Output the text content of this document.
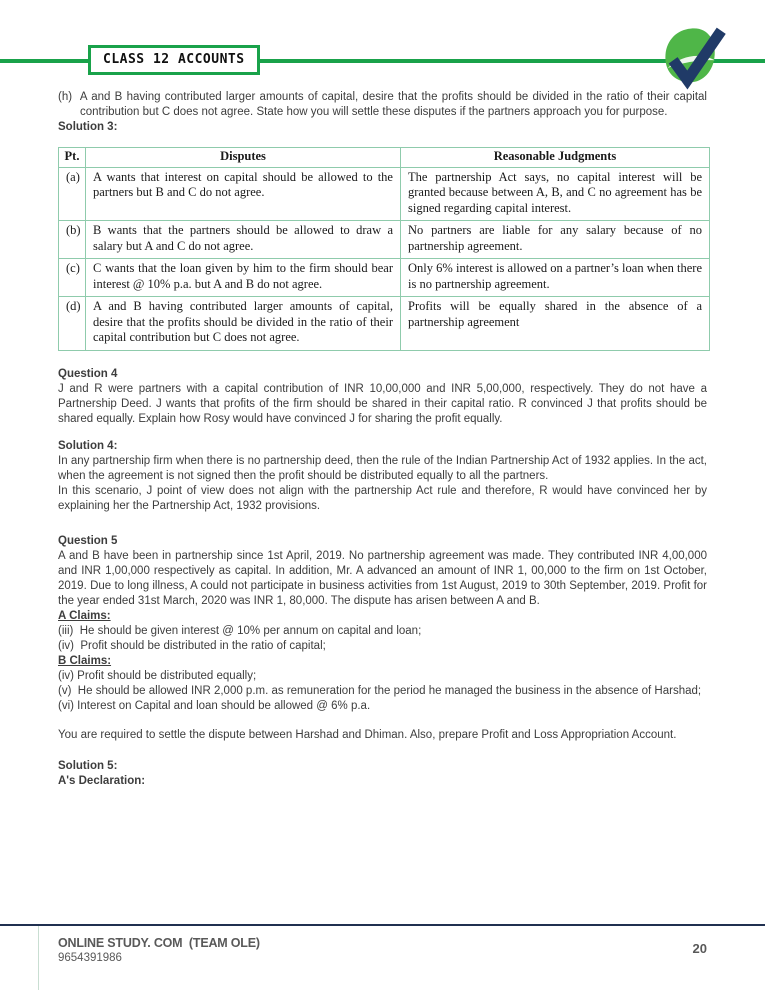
CLASS 12 ACCOUNTS

(h)  A and B having contributed larger amounts of capital, desire that the profits should be divided in the ratio of their capital contribution but C does not agree. State how you will settle these disputes if the partners approach you for purpose.

Solution 3:

Pt.	Disputes	Reasonable Judgments
(a)	A wants that interest on capital should be allowed to the partners but B and C do not agree.	The partnership Act says, no capital interest will be granted because between A, B, and C no agreement has be signed regarding capital interest.
(b)	B wants that the partners should be allowed to draw a salary but A and C do not agree.	No partners are liable for any salary because of no partnership agreement.
(c)	C wants that the loan given by him to the firm should bear interest @ 10% p.a. but A and B do not agree.	Only 6% interest is allowed on a partner’s loan when there is no partnership agreement.
(d)	A and B having contributed larger amounts of capital, desire that the profits should be divided in the ratio of their capital contribution but C does not agree.	Profits will be equally shared in the absence of a partnership agreement

Question 4

J and R were partners with a capital contribution of INR 10,00,000 and INR 5,00,000, respectively. They do not have a Partnership Deed. J wants that profits of the firm should be shared in their capital ratio. R convinced J that profits should be shared equally. Explain how Rosy would have convinced J for sharing the profit equally.

Solution 4:

In any partnership firm when there is no partnership deed, then the rule of the Indian Partnership Act of 1932 applies. In the act, when the agreement is not signed then the profit should be distributed equally to all the partners.

In this scenario, J point of view does not align with the partnership Act rule and therefore, R would have convinced her by explaining her the Partnership Act, 1932 provisions.

Question 5

A and B have been in partnership since 1st April, 2019. No partnership agreement was made. They contributed INR 4,00,000 and INR 1,00,000 respectively as capital. In addition, Mr. A advanced an amount of INR 1, 00,000 to the firm on 1st October, 2019. Due to long illness, A could not participate in business activities from 1st August, 2019 to 30th September, 2019. Profit for the year ended 31st March, 2020 was INR 1, 80,000. The dispute has arisen between A and B.

A Claims:

(iii)  He should be given interest @ 10% per annum on capital and loan;

(iv)  Profit should be distributed in the ratio of capital;

B Claims:

(iv) Profit should be distributed equally;

(v)  He should be allowed INR 2,000 p.m. as remuneration for the period he managed the business in the absence of Harshad;

(vi) Interest on Capital and loan should be allowed @ 6% p.a.

You are required to settle the dispute between Harshad and Dhiman. Also, prepare Profit and Loss Appropriation Account.

Solution 5:

A's Declaration:

ONLINE STUDY. COM  (TEAM OLE)
9654391986
20
